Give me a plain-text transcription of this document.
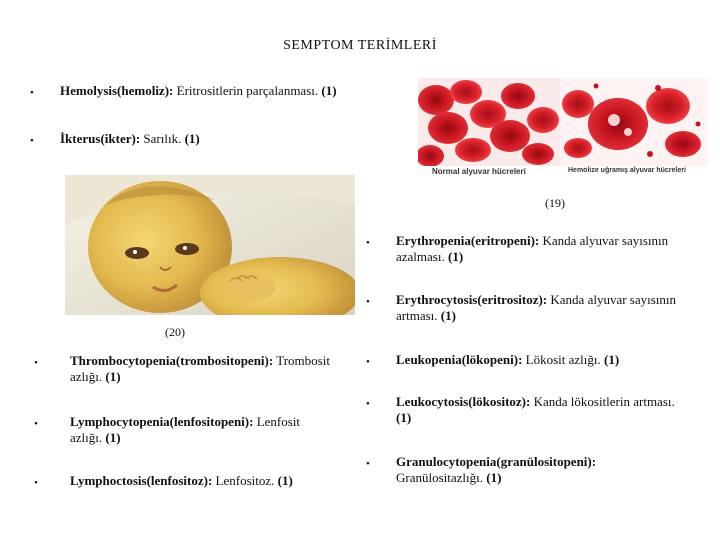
SEMPTOM TERİMLERİ
•	Hemolysis(hemoliz): Eritrositlerin parçalanması. (1)
•	İkterus(ikter): Sarılık. (1)
Normal alyuvar hücreleri	Hemolize uğramış alyuvar hücreleri
(19)
(20)
•	Thrombocytopenia(trombositopeni): Trombosit azlığı. (1)
•	Lymphocytopenia(lenfositopeni): Lenfosit azlığı. (1)
•	Lymphoctosis(lenfositoz): Lenfositoz. (1)
•	Erythropenia(eritropeni): Kanda alyuvar sayısının azalması. (1)
•	Erythrocytosis(eritrositoz): Kanda alyuvar sayısının artması. (1)
•	Leukopenia(lökopeni): Lökosit azlığı. (1)
•	Leukocytosis(lökositoz): Kanda lökositlerin artması. (1)
•	Granulocytopenia(granülositopeni): Granülositazlığı. (1)
